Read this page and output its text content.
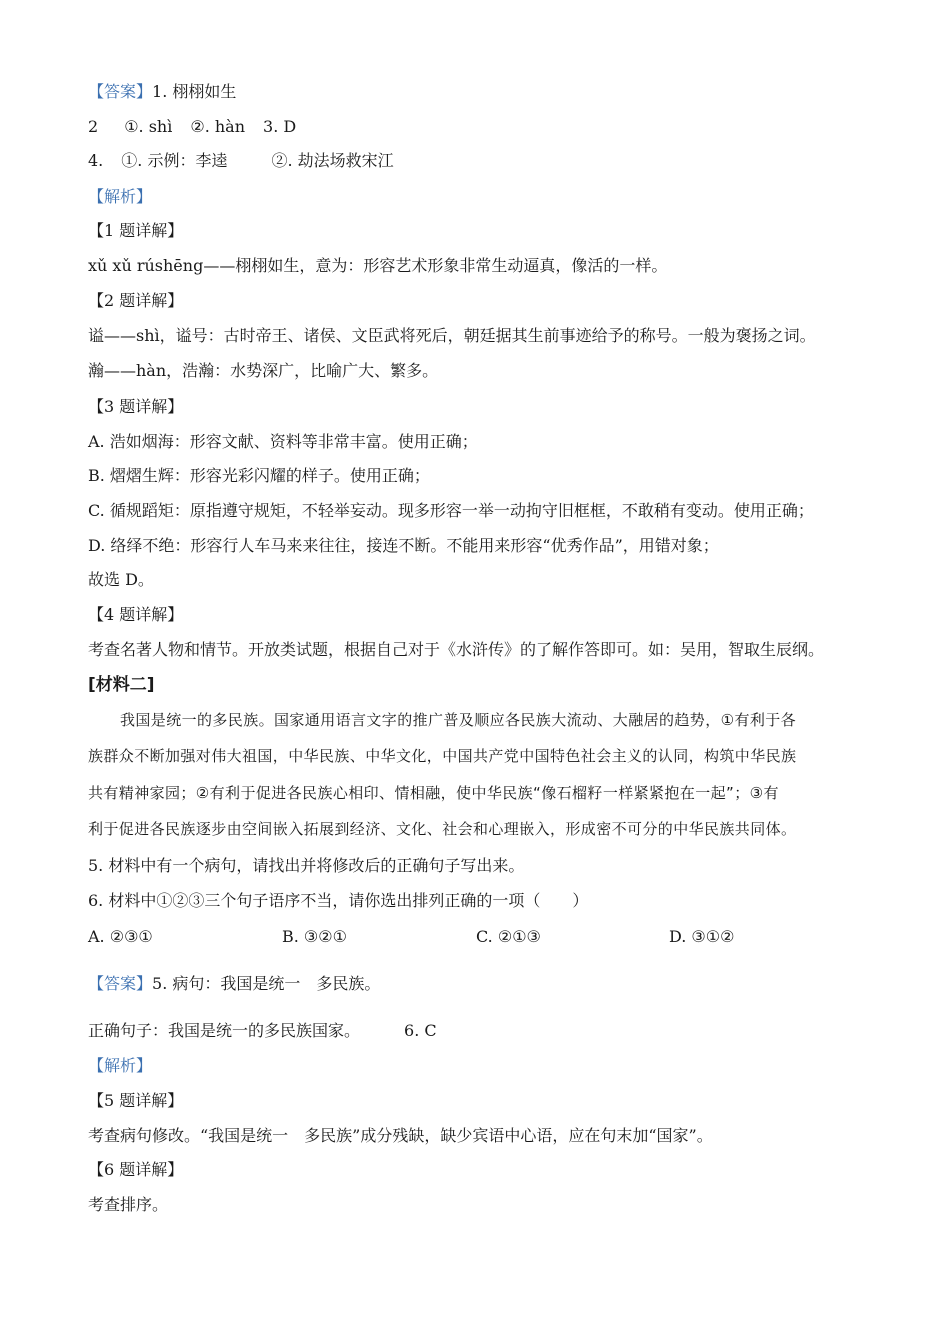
【答案】1. 栩栩如生
2 ①. shì ②. hàn 3. D
4. ①. 示例：李逵	②. 劫法场救宋江
【解析】
【1 题详解】
xǔ xǔ rúshēng——栩栩如生，意为：形容艺术形象非常生动逼真，像活的一样。
【2 题详解】
谥——shì，谥号：古时帝王、诸侯、文臣武将死后，朝廷据其生前事迹给予的称号。一般为褒扬之词。
瀚——hàn，浩瀚：水势深广，比喻广大、繁多。
【3 题详解】
A. 浩如烟海：形容文献、资料等非常丰富。使用正确；
B. 熠熠生辉：形容光彩闪耀的样子。使用正确；
C. 循规蹈矩：原指遵守规矩，不轻举妄动。现多形容一举一动拘守旧框框，不敢稍有变动。使用正确；
D. 络绎不绝：形容行人车马来来往往，接连不断。不能用来形容“优秀作品”，用错对象；
故选 D。
【4 题详解】
考查名著人物和情节。开放类试题，根据自己对于《水浒传》的了解作答即可。如：吴用，智取生辰纲。
[材料二]
我国是统一的多民族。国家通用语言文字的推广普及顺应各民族大流动、大融居的趋势，①有利于各
族群众不断加强对伟大祖国，中华民族、中华文化，中国共产党中国特色社会主义的认同，构筑中华民族
共有精神家园；②有利于促进各民族心相印、情相融，使中华民族“像石榴籽一样紧紧抱在一起”；③有
利于促进各民族逐步由空间嵌入拓展到经济、文化、社会和心理嵌入，形成密不可分的中华民族共同体。
5. 材料中有一个病句，请找出并将修改后的正确句子写出来。
6. 材料中①②③三个句子语序不当，请你选出排列正确的一项（　　）
A. ②③①	B. ③②①	C. ②①③	D. ③①②
【答案】5. 病句：我国是统一　多民族。
正确句子：我国是统一的多民族国家。	6. C
【解析】
【5 题详解】
考查病句修改。“我国是统一　多民族”成分残缺，缺少宾语中心语，应在句末加“国家”。
【6 题详解】
考查排序。
